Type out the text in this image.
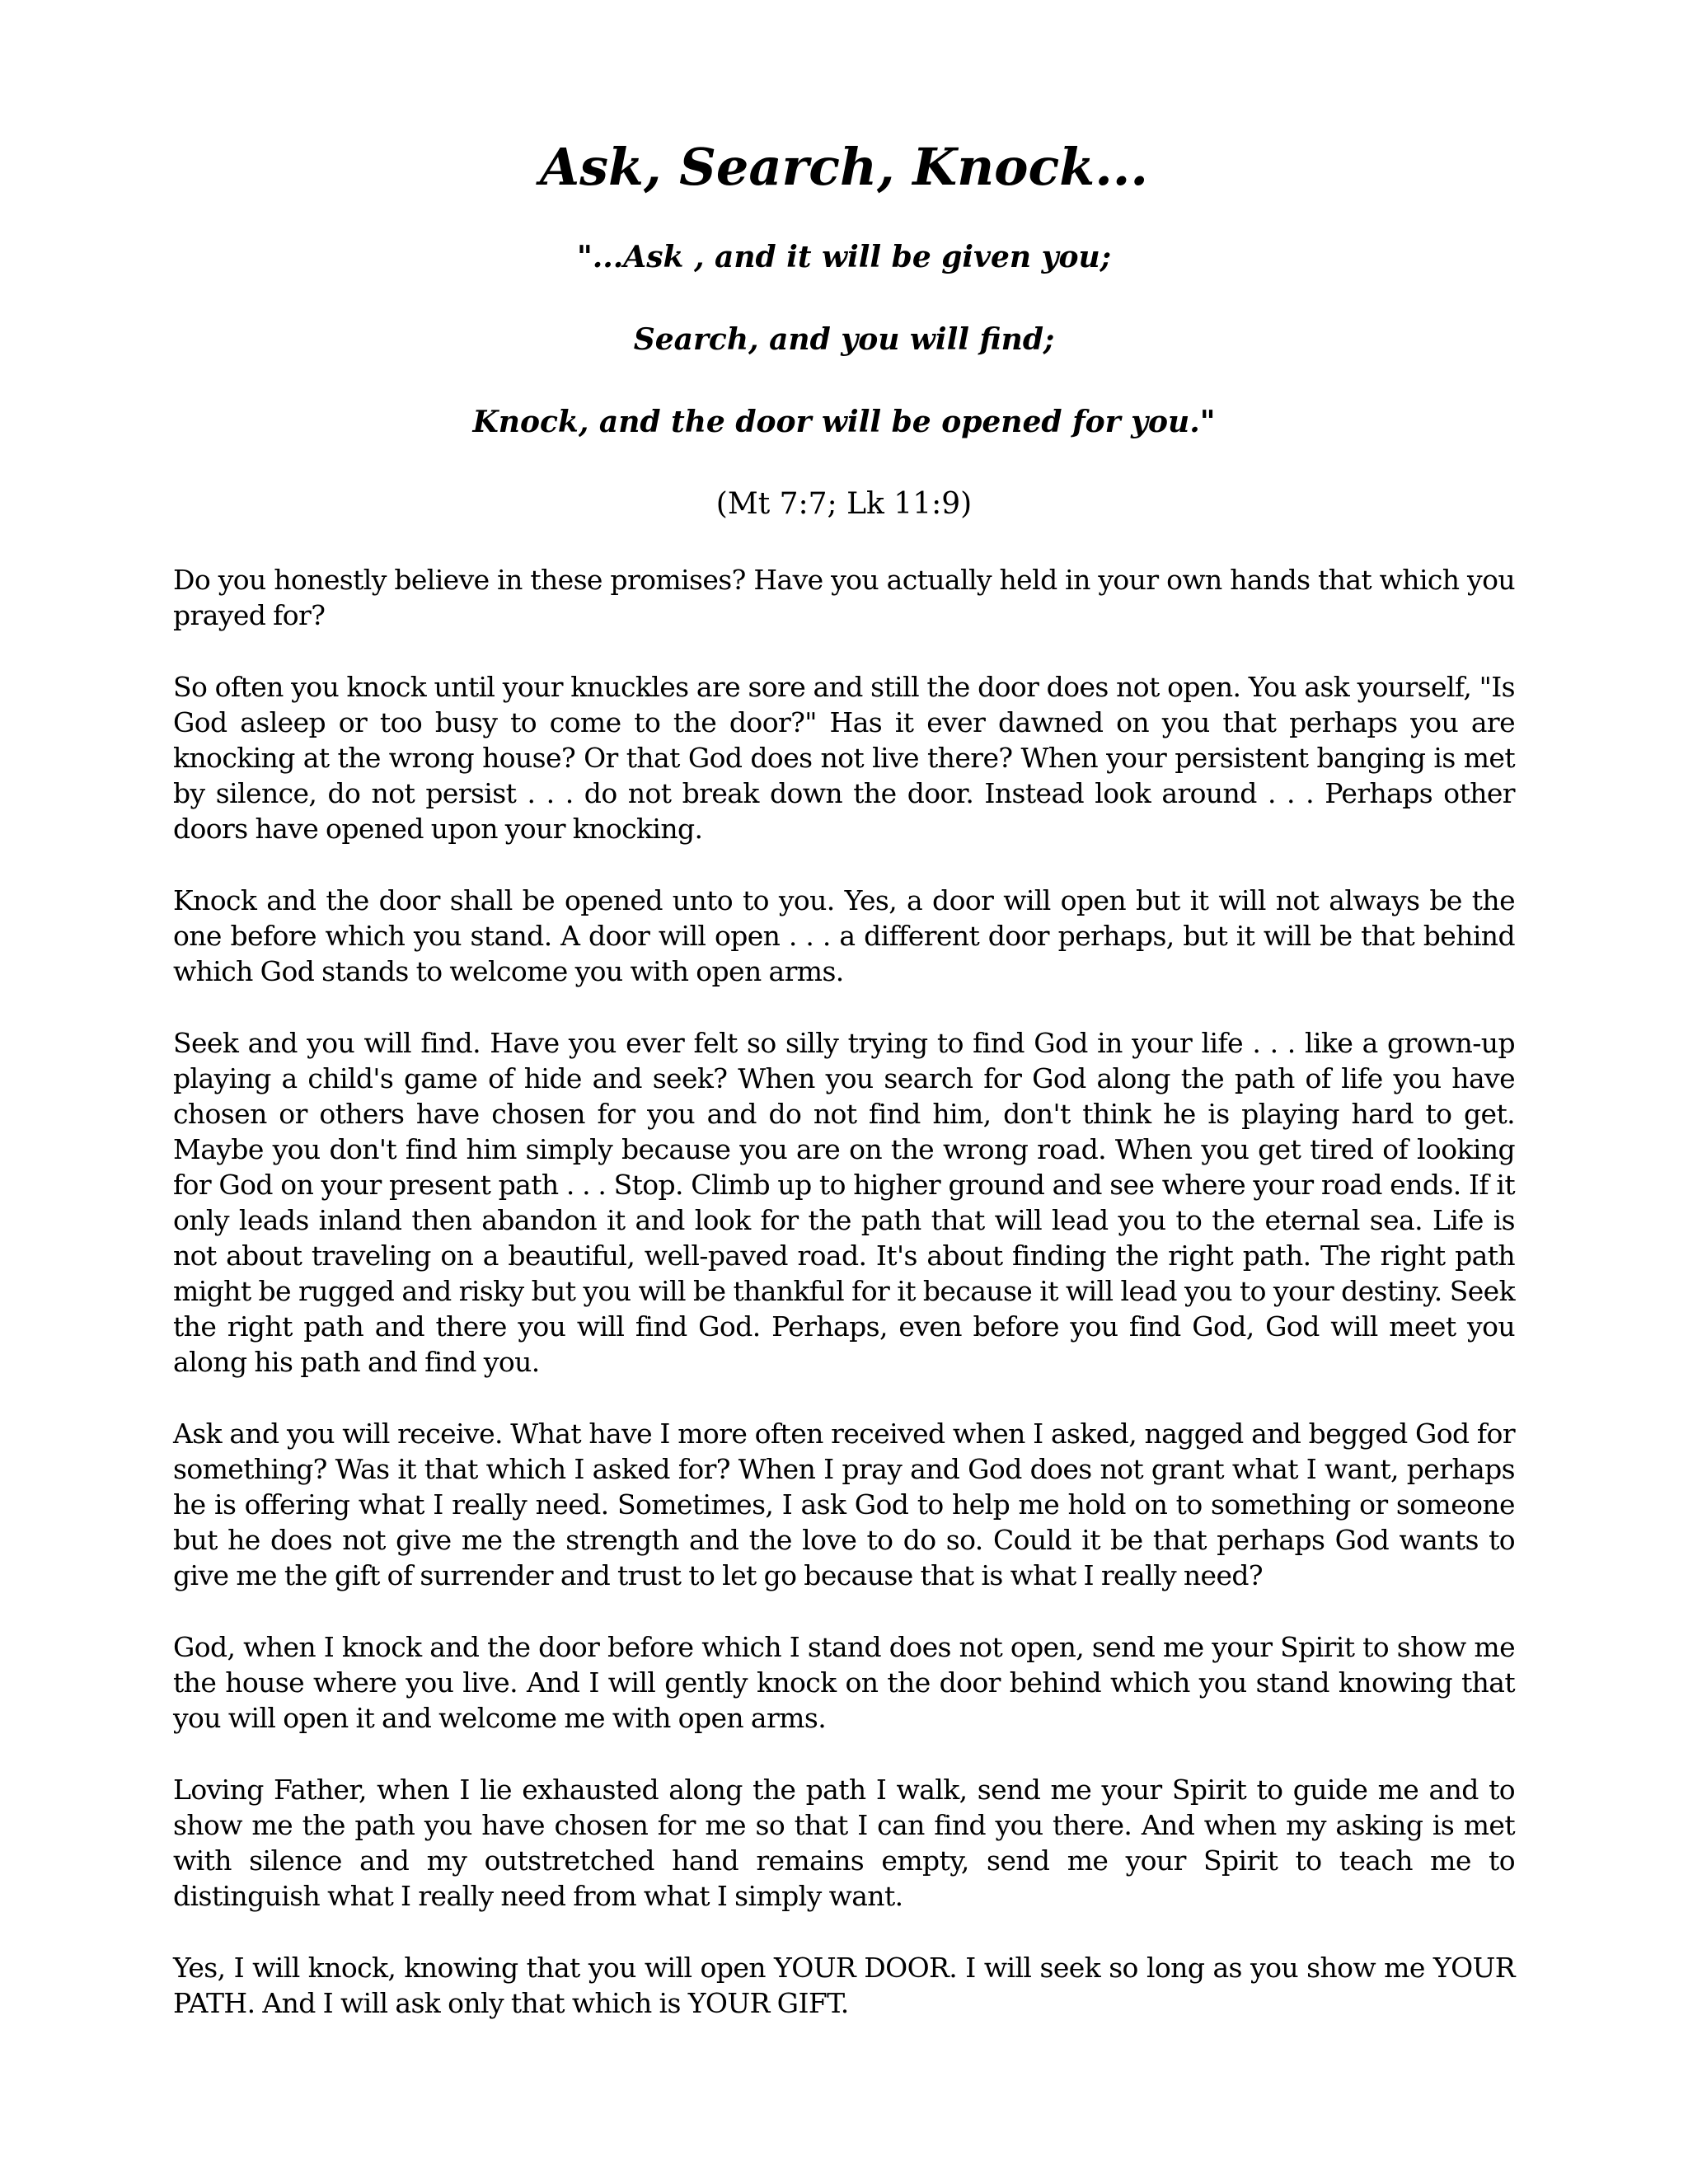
Ask, Search, Knock...

"...Ask , and it will be given you;

Search, and you will find;

Knock, and the door will be opened for you."

(Mt 7:7; Lk 11:9)

Do you honestly believe in these promises? Have you actually held in your own hands that which you prayed for?

So often you knock until your knuckles are sore and still the door does not open. You ask yourself, "Is God asleep or too busy to come to the door?" Has it ever dawned on you that perhaps you are knocking at the wrong house? Or that God does not live there? When your persistent banging is met by silence, do not persist . . . do not break down the door. Instead look around . . . Perhaps other doors have opened upon your knocking.

Knock and the door shall be opened unto to you. Yes, a door will open but it will not always be the one before which you stand. A door will open . . . a different door perhaps, but it will be that behind which God stands to welcome you with open arms.

Seek and you will find. Have you ever felt so silly trying to find God in your life . . . like a grown-up playing a child's game of hide and seek? When you search for God along the path of life you have chosen or others have chosen for you and do not find him, don't think he is playing hard to get. Maybe you don't find him simply because you are on the wrong road. When you get tired of looking for God on your present path . . . Stop. Climb up to higher ground and see where your road ends. If it only leads inland then abandon it and look for the path that will lead you to the eternal sea. Life is not about traveling on a beautiful, well-paved road. It's about finding the right path. The right path might be rugged and risky but you will be thankful for it because it will lead you to your destiny. Seek the right path and there you will find God. Perhaps, even before you find God, God will meet you along his path and find you.

Ask and you will receive. What have I more often received when I asked, nagged and begged God for something? Was it that which I asked for? When I pray and God does not grant what I want, perhaps he is offering what I really need. Sometimes, I ask God to help me hold on to something or someone but he does not give me the strength and the love to do so. Could it be that perhaps God wants to give me the gift of surrender and trust to let go because that is what I really need?

God, when I knock and the door before which I stand does not open, send me your Spirit to show me the house where you live. And I will gently knock on the door behind which you stand knowing that you will open it and welcome me with open arms.

Loving Father, when I lie exhausted along the path I walk, send me your Spirit to guide me and to show me the path you have chosen for me so that I can find you there. And when my asking is met with silence and my outstretched hand remains empty, send me your Spirit to teach me to distinguish what I really need from what I simply want.

Yes, I will knock, knowing that you will open YOUR DOOR. I will seek so long as you show me YOUR PATH. And I will ask only that which is YOUR GIFT.
